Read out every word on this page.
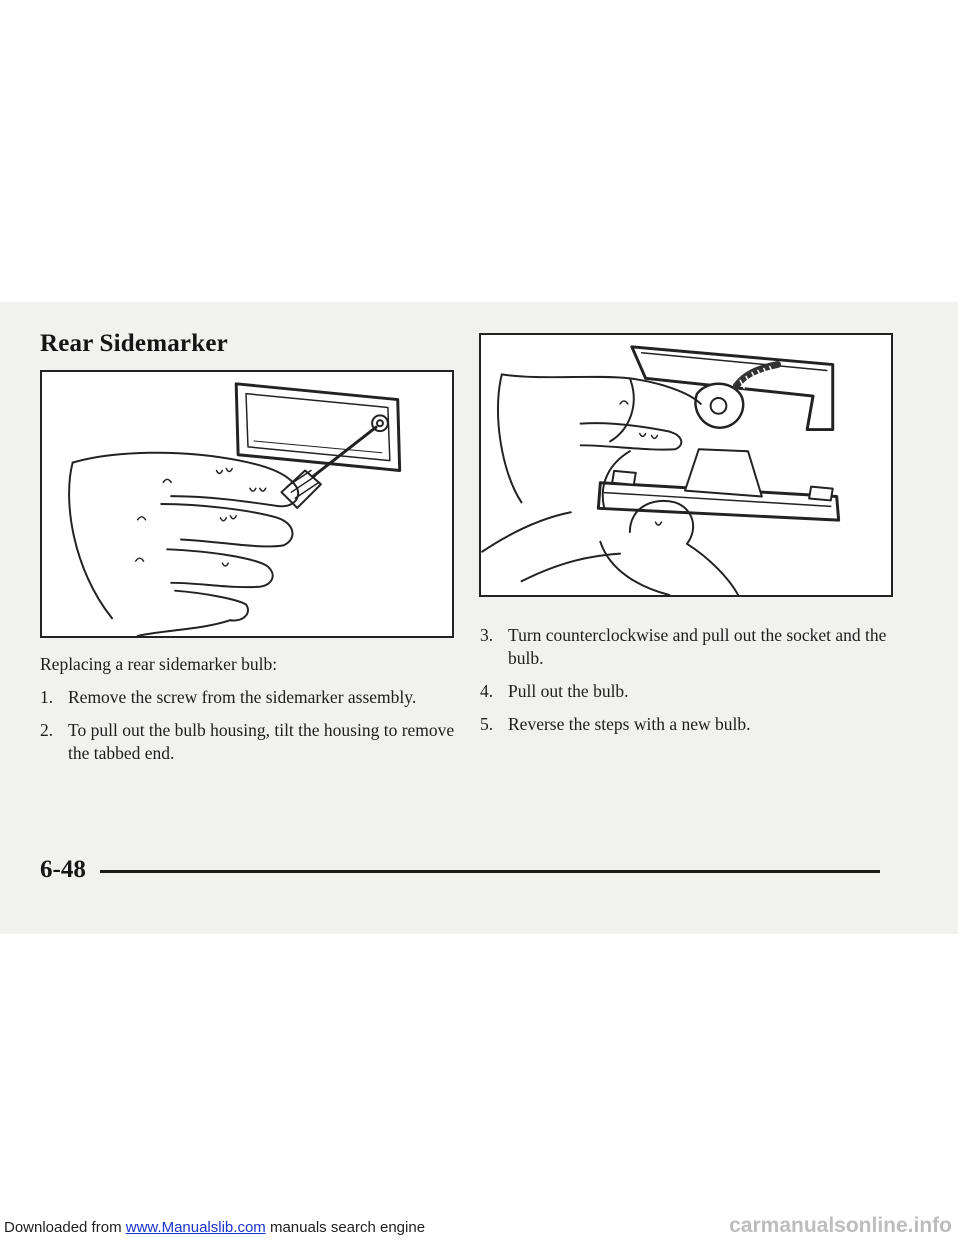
Rear Sidemarker

Replacing a rear sidemarker bulb:

1. Remove the screw from the sidemarker assembly.
2. To pull out the bulb housing, tilt the housing to remove the tabbed end.
3. Turn counterclockwise and pull out the socket and the bulb.
4. Pull out the bulb.
5. Reverse the steps with a new bulb.
6-48
Downloaded from www.Manualslib.com manuals search engine	carmanualsonline.info
